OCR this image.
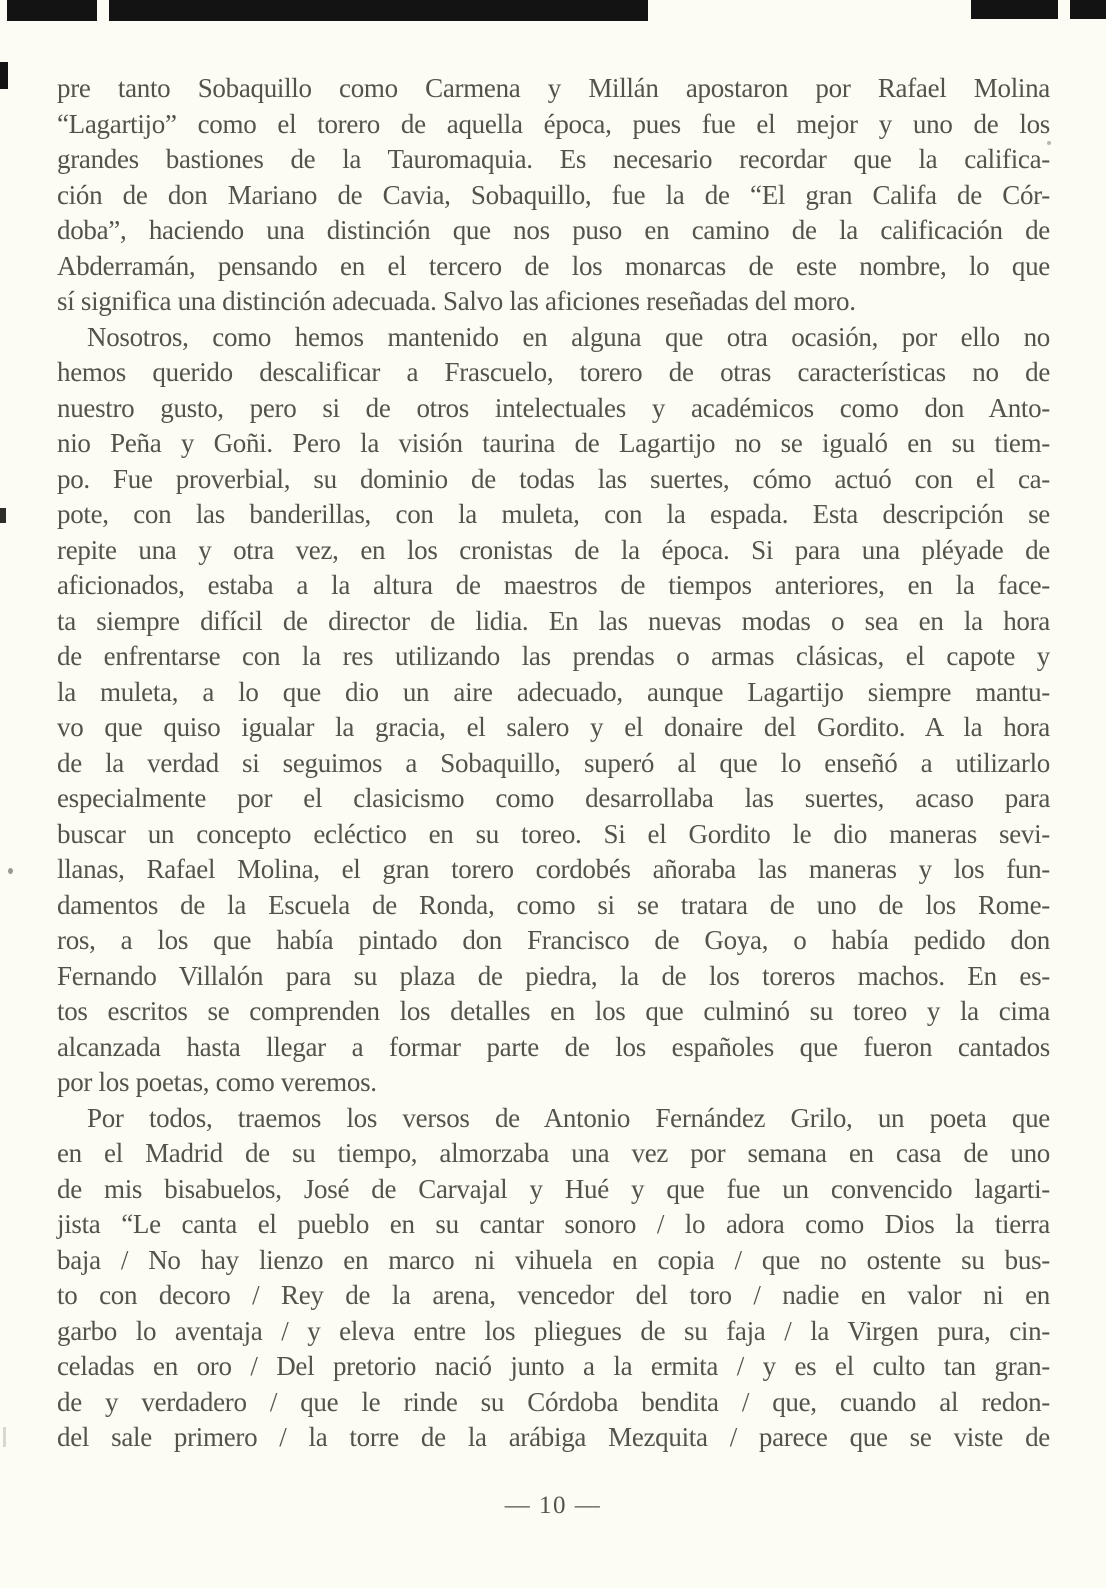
pre tanto Sobaquillo como Carmena y Millán apostaron por Rafael Molina
“Lagartijo” como el torero de aquella época, pues fue el mejor y uno de los
grandes bastiones de la Tauromaquia. Es necesario recordar que la califica-
ción de don Mariano de Cavia, Sobaquillo, fue la de “El gran Califa de Cór-
doba”, haciendo una distinción que nos puso en camino de la calificación de
Abderramán, pensando en el tercero de los monarcas de este nombre, lo que
sí significa una distinción adecuada. Salvo las aficiones reseñadas del moro.
Nosotros, como hemos mantenido en alguna que otra ocasión, por ello no
hemos querido descalificar a Frascuelo, torero de otras características no de
nuestro gusto, pero si de otros intelectuales y académicos como don Anto-
nio Peña y Goñi. Pero la visión taurina de Lagartijo no se igualó en su tiem-
po. Fue proverbial, su dominio de todas las suertes, cómo actuó con el ca-
pote, con las banderillas, con la muleta, con la espada. Esta descripción se
repite una y otra vez, en los cronistas de la época. Si para una pléyade de
aficionados, estaba a la altura de maestros de tiempos anteriores, en la face-
ta siempre difícil de director de lidia. En las nuevas modas o sea en la hora
de enfrentarse con la res utilizando las prendas o armas clásicas, el capote y
la muleta, a lo que dio un aire adecuado, aunque Lagartijo siempre mantu-
vo que quiso igualar la gracia, el salero y el donaire del Gordito. A la hora
de la verdad si seguimos a Sobaquillo, superó al que lo enseñó a utilizarlo
especialmente por el clasicismo como desarrollaba las suertes, acaso para
buscar un concepto ecléctico en su toreo. Si el Gordito le dio maneras sevi-
llanas, Rafael Molina, el gran torero cordobés añoraba las maneras y los fun-
damentos de la Escuela de Ronda, como si se tratara de uno de los Rome-
ros, a los que había pintado don Francisco de Goya, o había pedido don
Fernando Villalón para su plaza de piedra, la de los toreros machos. En es-
tos escritos se comprenden los detalles en los que culminó su toreo y la cima
alcanzada hasta llegar a formar parte de los españoles que fueron cantados
por los poetas, como veremos.
Por todos, traemos los versos de Antonio Fernández Grilo, un poeta que
en el Madrid de su tiempo, almorzaba una vez por semana en casa de uno
de mis bisabuelos, José de Carvajal y Hué y que fue un convencido lagarti-
jista “Le canta el pueblo en su cantar sonoro / lo adora como Dios la tierra
baja / No hay lienzo en marco ni vihuela en copia / que no ostente su bus-
to con decoro / Rey de la arena, vencedor del toro / nadie en valor ni en
garbo lo aventaja / y eleva entre los pliegues de su faja / la Virgen pura, cin-
celadas en oro / Del pretorio nació junto a la ermita / y es el culto tan gran-
de y verdadero / que le rinde su Córdoba bendita / que, cuando al redon-
del sale primero / la torre de la arábiga Mezquita / parece que se viste de
— 10 —
